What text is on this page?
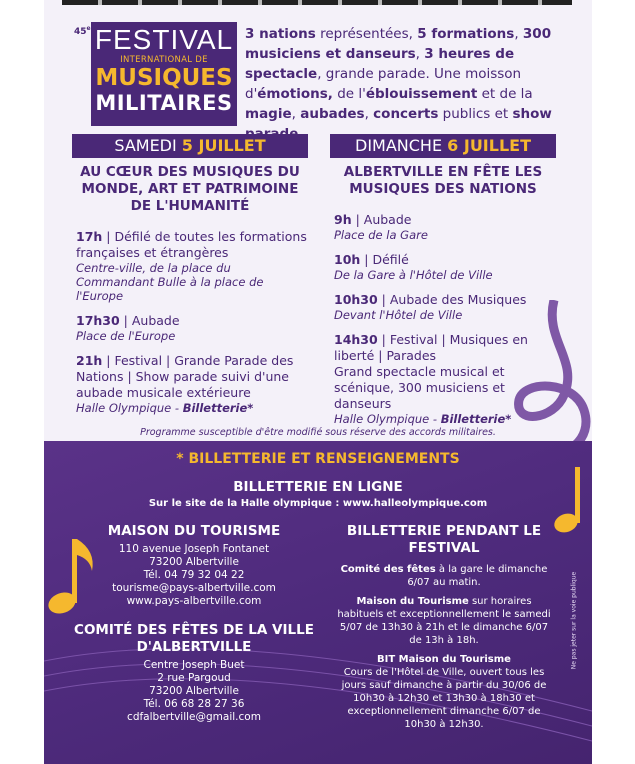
45e FESTIVAL
INTERNATIONAL DE
MUSIQUES
MILITAIRES
3 nations représentées, 5 formations, 300 musiciens et danseurs, 3 heures de spectacle, grande parade. Une moisson d'émotions, de l'éblouissement et de la magie, aubades, concerts publics et show
SAMEDI 5 JUILLET
AU CŒUR DES MUSIQUES DU MONDE, ART ET PATRIMOINE DE L'HUMANITÉ
17h | Défilé de toutes les formations françaises et étrangères
Centre-ville, de la place du Commandant Bulle à la place de l'Europe
17h30 | Aubade
Place de l'Europe
21h | Festival | Grande Parade des Nations | Show parade suivi d'une aubade musicale extérieure
Halle Olympique - Billetterie*
DIMANCHE 6 JUILLET
ALBERTVILLE EN FÊTE LES MUSIQUES DES NATIONS
9h | Aubade
Place de la Gare
10h | Défilé
De la Gare à l'Hôtel de Ville
10h30 | Aubade des Musiques
Devant l'Hôtel de Ville
14h30 | Festival | Musiques en liberté | Parades
Grand spectacle musical et scénique, 300 musiciens et danseurs
Halle Olympique - Billetterie*
Programme susceptible d'être modifié sous réserve des accords militaires.
* BILLETTERIE ET RENSEIGNEMENTS
BILLETTERIE EN LIGNE
Sur le site de la Halle olympique : www.halleolympique.com
MAISON DU TOURISME
110 avenue Joseph Fontanet
73200 Albertville
Tél. 04 79 32 04 22
tourisme@pays-albertville.com
www.pays-albertville.com
COMITÉ DES FÊTES DE LA VILLE D'ALBERTVILLE
Centre Joseph Buet
2 rue Pargoud
73200 Albertville
Tél. 06 68 28 27 36
cdfalbertville@gmail.com
BILLETTERIE PENDANT LE FESTIVAL
Comité des fêtes à la gare le dimanche 6/07 au matin.
Maison du Tourisme sur horaires habituels et exceptionnellement le samedi 5/07 de 13h30 à 21h et le dimanche 6/07 de 13h à 18h.
BIT Maison du Tourisme
Cours de l'Hôtel de Ville, ouvert tous les jours sauf dimanche à partir du 30/06 de 10h30 à 12h30 et 13h30 à 18h30 et exceptionnellement dimanche 6/07 de 10h30 à 12h30.
Ne pas jeter sur la voie publique
